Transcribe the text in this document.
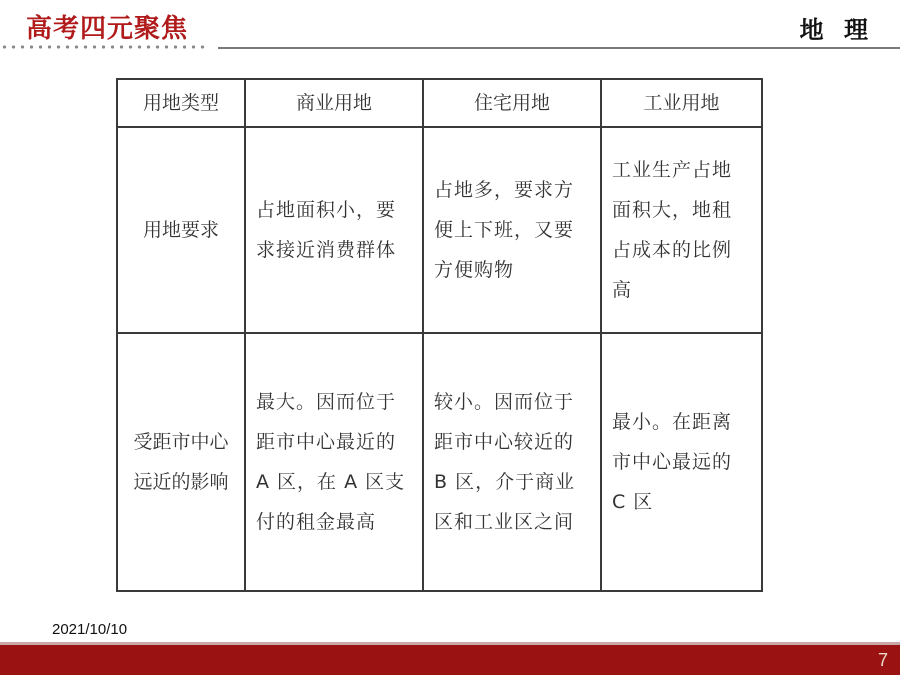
高考四元聚焦	地 理
用地类型	商业用地	住宅用地	工业用地
用地要求	占地面积小，要求接近消费群体	占地多，要求方便上下班，又要方便购物	工业生产占地面积大，地租占成本的比例高
受距市中心远近的影响	最大。因而位于距市中心最近的 A 区，在 A 区支付的租金最高	较小。因而位于距市中心较近的 B 区，介于商业区和工业区之间	最小。在距离市中心最远的 C 区
2021/10/10
7
